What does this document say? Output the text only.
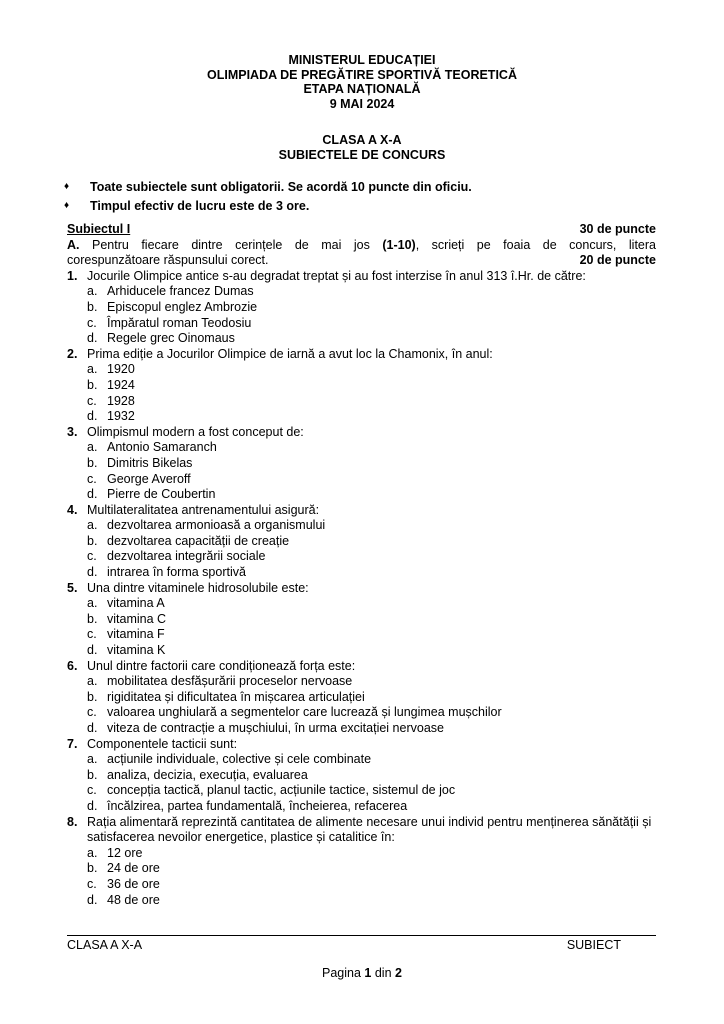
MINISTERUL EDUCAȚIEI
OLIMPIADA DE PREGĂTIRE SPORTIVĂ TEORETICĂ
ETAPA NAȚIONALĂ
9 MAI 2024
CLASA A X-A
SUBIECTELE DE CONCURS
♦	Toate subiectele sunt obligatorii. Se acordă 10 puncte din oficiu.
♦	Timpul efectiv de lucru este de 3 ore.
Subiectul I	30 de puncte
A. Pentru fiecare dintre cerințele de mai jos (1-10), scrieți pe foaia de concurs, litera
corespunzătoare răspunsului corect.	20 de puncte
1. Jocurile Olimpice antice s-au degradat treptat și au fost interzise în anul 313 î.Hr. de către:
a. Arhiducele francez Dumas
b. Episcopul englez Ambrozie
c. Împăratul roman Teodosiu
d. Regele grec Oinomaus
2. Prima ediție a Jocurilor Olimpice de iarnă a avut loc la Chamonix, în anul:
a. 1920
b. 1924
c. 1928
d. 1932
3. Olimpismul modern a fost conceput de:
a. Antonio Samaranch
b. Dimitris Bikelas
c. George Averoff
d. Pierre de Coubertin
4. Multilateralitatea antrenamentului asigură:
a. dezvoltarea armonioasă a organismului
b. dezvoltarea capacității de creație
c. dezvoltarea integrării sociale
d. intrarea în forma sportivă
5. Una dintre vitaminele hidrosolubile este:
a. vitamina A
b. vitamina C
c. vitamina F
d. vitamina K
6. Unul dintre factorii care condiționează forța este:
a. mobilitatea desfășurării proceselor nervoase
b. rigiditatea și dificultatea în mișcarea articulației
c. valoarea unghiulară a segmentelor care lucrează și lungimea mușchilor
d. viteza de contracție a mușchiului, în urma excitației nervoase
7. Componentele tacticii sunt:
a. acțiunile individuale, colective și cele combinate
b. analiza, decizia, execuția, evaluarea
c. concepția tactică, planul tactic, acțiunile tactice, sistemul de joc
d. încălzirea, partea fundamentală, încheierea, refacerea
8. Rația alimentară reprezintă cantitatea de alimente necesare unui individ pentru menținerea sănătății și satisfacerea nevoilor energetice, plastice și catalitice în:
a. 12 ore
b. 24 de ore
c. 36 de ore
d. 48 de ore
CLASA A X-A	SUBIECT
Pagina 1 din 2
